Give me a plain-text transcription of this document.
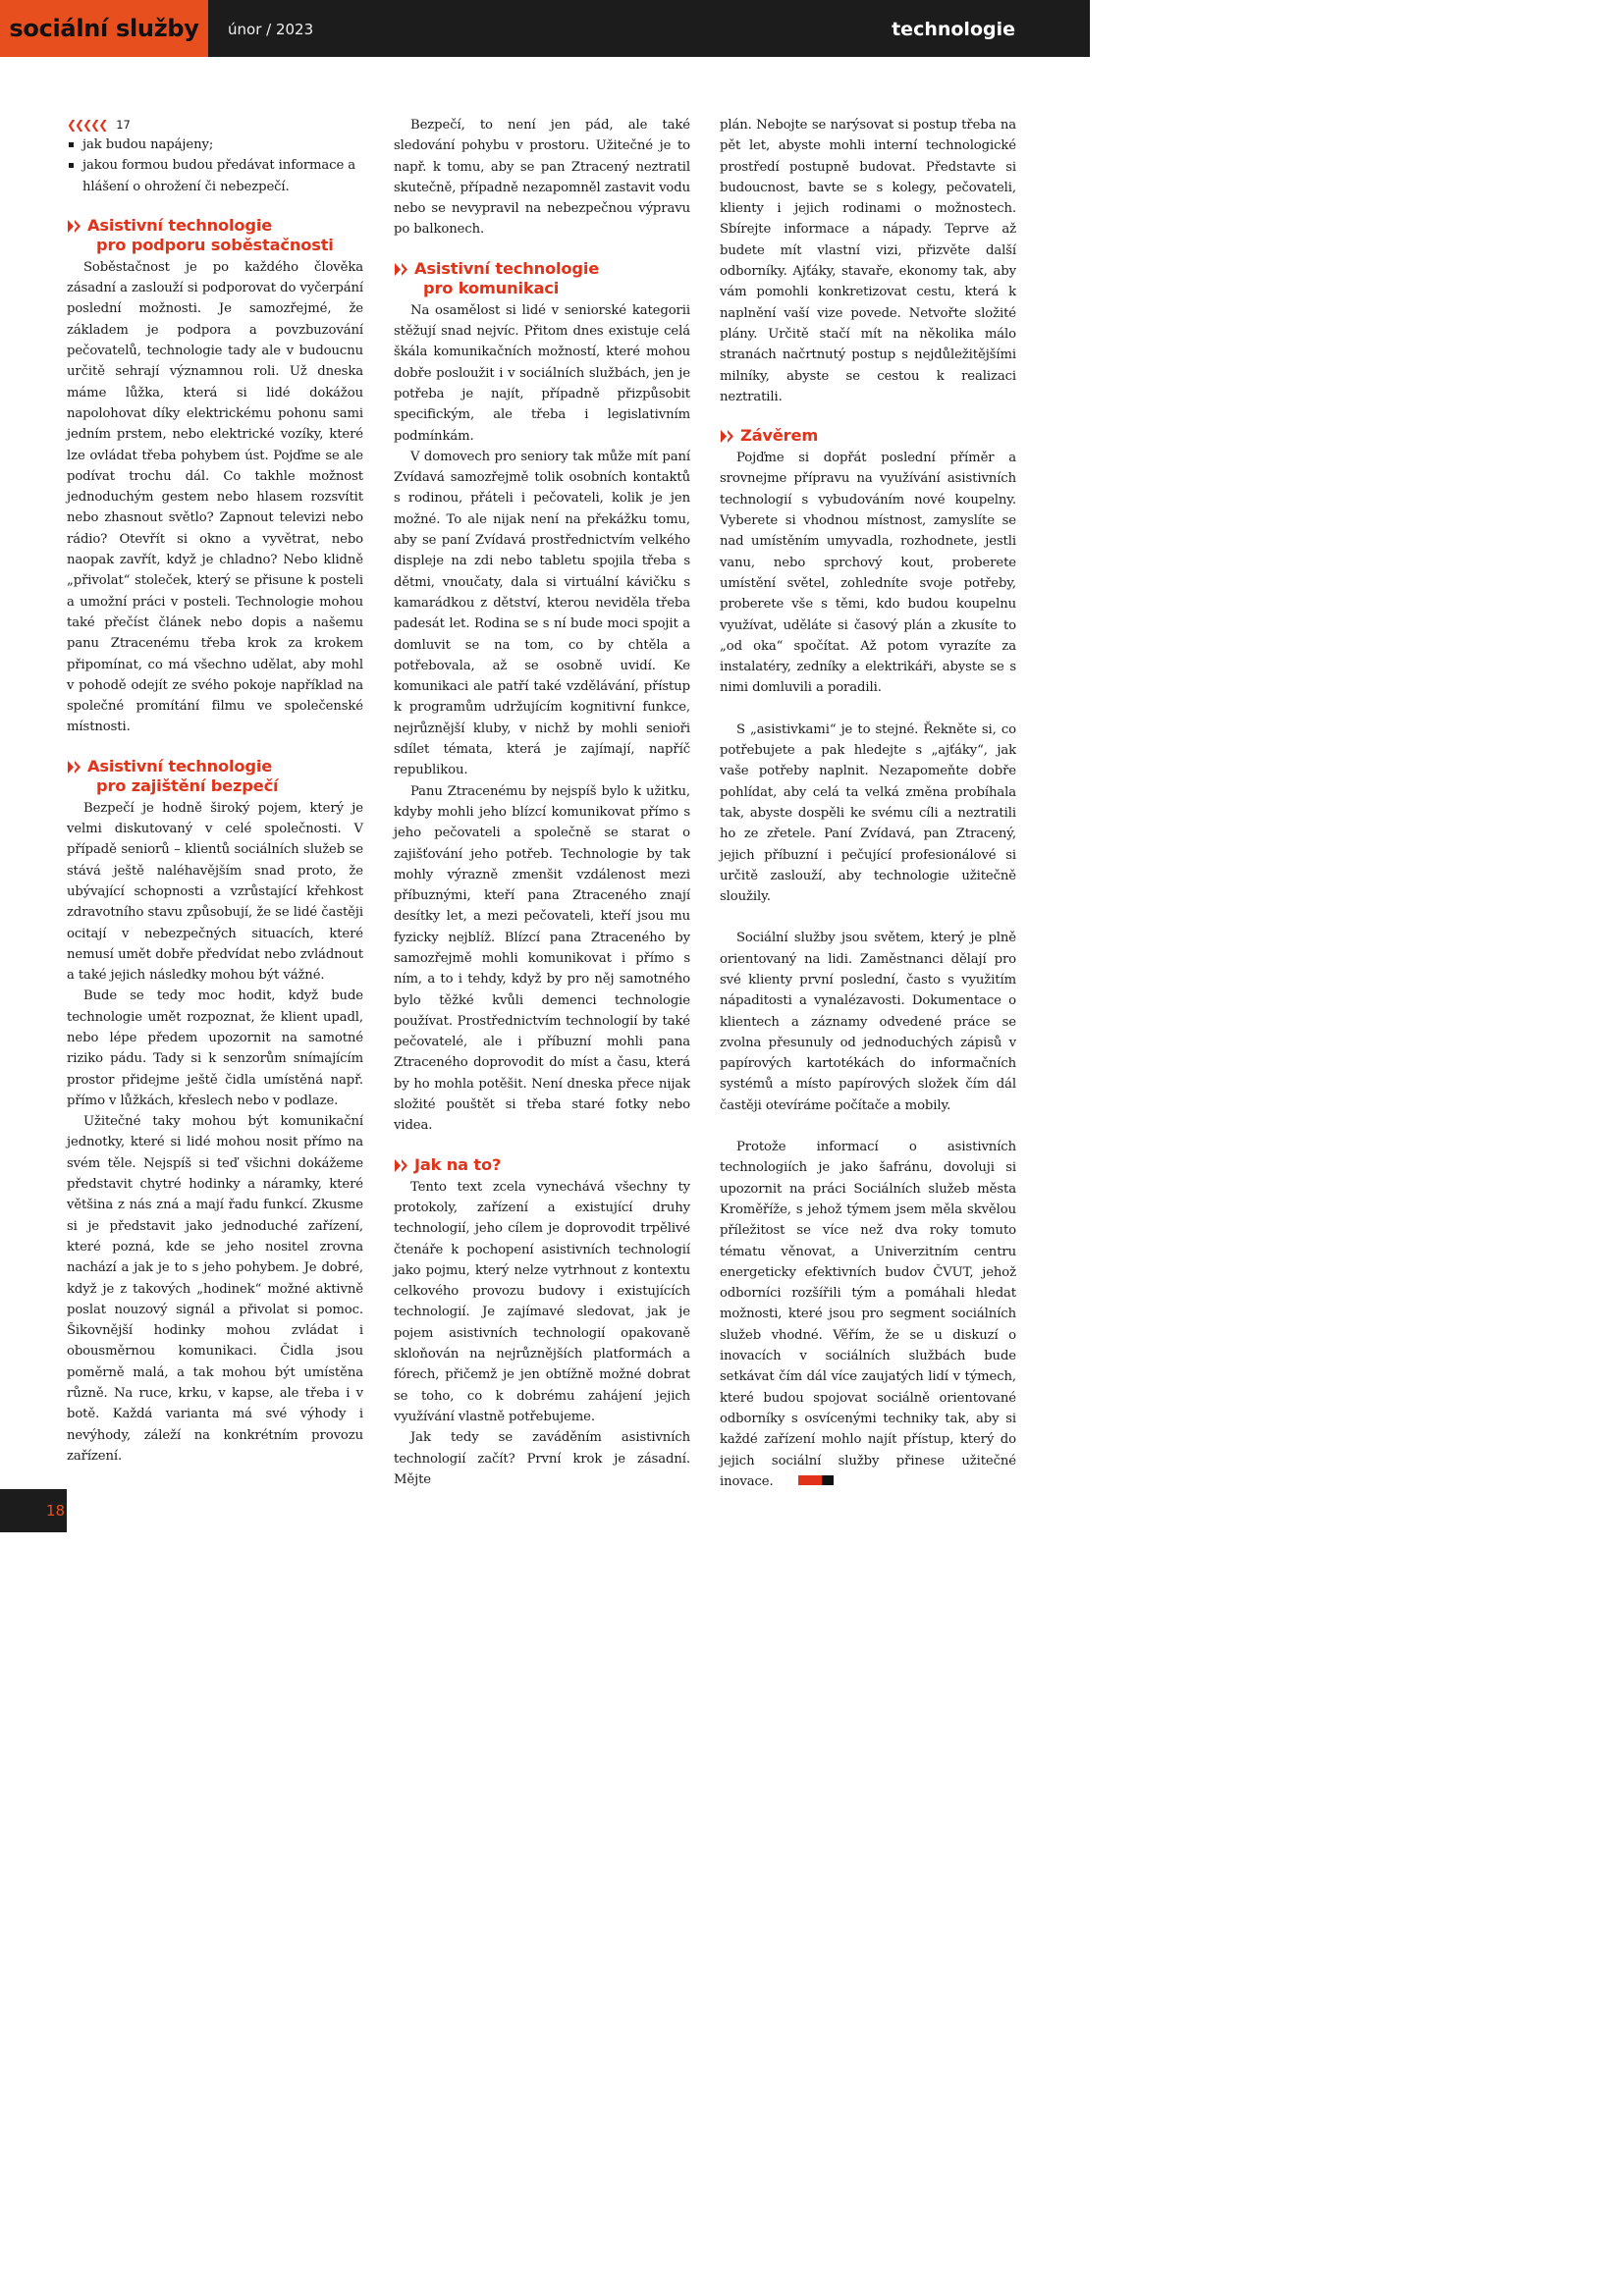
sociální služby	únor / 2023	technologie
❮❮❮❮❮ 17
jak budou napájeny;
jakou formou budou předávat informace a hlášení o ohrožení či nebezpečí.
Asistivní technologie
pro podporu soběstačnosti

Soběstačnost je po každého člověka zásadní a zaslouží si podporovat do vyčerpání poslední možnosti. Je samozřejmé, že základem je podpora a povzbuzování pečovatelů, technologie tady ale v budoucnu určitě sehrají významnou roli. Už dneska máme lůžka, která si lidé dokážou napolohovat díky elektrickému pohonu sami jedním prstem, nebo elektrické vozíky, které lze ovládat třeba pohybem úst. Pojďme se ale podívat trochu dál. Co takhle možnost jednoduchým gestem nebo hlasem rozsvítit nebo zhasnout světlo? Zapnout televizi nebo rádio? Otevřít si okno a vyvětrat, nebo naopak zavřít, když je chladno? Nebo klidně „přivolat“ stoleček, který se přisune k posteli a umožní práci v posteli. Technologie mohou také přečíst článek nebo dopis a našemu panu Ztracenému třeba krok za krokem připomínat, co má všechno udělat, aby mohl v pohodě odejít ze svého pokoje například na společné promítání filmu ve společenské místnosti.

Asistivní technologie
pro zajištění bezpečí

Bezpečí je hodně široký pojem, který je velmi diskutovaný v celé společnosti. V případě seniorů – klientů sociálních služeb se stává ještě naléhavějším snad proto, že ubývající schopnosti a vzrůstající křehkost zdravotního stavu způsobují, že se lidé častěji ocitají v nebezpečných situacích, které nemusí umět dobře předvídat nebo zvládnout a také jejich následky mohou být vážné.

Bude se tedy moc hodit, když bude technologie umět rozpoznat, že klient upadl, nebo lépe předem upozornit na samotné riziko pádu. Tady si k senzorům snímajícím prostor přidejme ještě čidla umístěná např. přímo v lůžkách, křeslech nebo v podlaze.

Užitečné taky mohou být komunikační jednotky, které si lidé mohou nosit přímo na svém těle. Nejspíš si teď všichni dokážeme představit chytré hodinky a náramky, které většina z nás zná a mají řadu funkcí. Zkusme si je představit jako jednoduché zařízení, které pozná, kde se jeho nositel zrovna nachází a jak je to s jeho pohybem. Je dobré, když je z takových „hodinek“ možné aktivně poslat nouzový signál a přivolat si pomoc. Šikovnější hodinky mohou zvládat i obousměrnou komunikaci. Čidla jsou poměrně malá, a tak mohou být umístěna různě. Na ruce, krku, v kapse, ale třeba i v botě. Každá varianta má své výhody i nevýhody, záleží na konkrétním provozu zařízení.

Bezpečí, to není jen pád, ale také sledování pohybu v prostoru. Užitečné je to např. k tomu, aby se pan Ztracený neztratil skutečně, případně nezapomněl zastavit vodu nebo se nevypravil na nebezpečnou výpravu po balkonech.

Asistivní technologie
pro komunikaci

Na osamělost si lidé v seniorské kategorii stěžují snad nejvíc. Přitom dnes existuje celá škála komunikačních možností, které mohou dobře posloužit i v sociálních službách, jen je potřeba je najít, případně přizpůsobit specifickým, ale třeba i legislativním podmínkám.

V domovech pro seniory tak může mít paní Zvídavá samozřejmě tolik osobních kontaktů s rodinou, přáteli i pečovateli, kolik je jen možné. To ale nijak není na překážku tomu, aby se paní Zvídavá prostřednictvím velkého displeje na zdi nebo tabletu spojila třeba s dětmi, vnoučaty, dala si virtuální kávičku s kamarádkou z dětství, kterou neviděla třeba padesát let. Rodina se s ní bude moci spojit a domluvit se na tom, co by chtěla a potřebovala, až se osobně uvidí. Ke komunikaci ale patří také vzdělávání, přístup k programům udržujícím kognitivní funkce, nejrůznější kluby, v nichž by mohli senioři sdílet témata, která je zajímají, napříč republikou.

Panu Ztracenému by nejspíš bylo k užitku, kdyby mohli jeho blízcí komunikovat přímo s jeho pečovateli a společně se starat o zajišťování jeho potřeb. Technologie by tak mohly výrazně zmenšit vzdálenost mezi příbuznými, kteří pana Ztraceného znají desítky let, a mezi pečovateli, kteří jsou mu fyzicky nejblíž. Blízcí pana Ztraceného by samozřejmě mohli komunikovat i přímo s ním, a to i tehdy, když by pro něj samotného bylo těžké kvůli demenci technologie používat. Prostřednictvím technologií by také pečovatelé, ale i příbuzní mohli pana Ztraceného doprovodit do míst a času, která by ho mohla potěšit. Není dneska přece nijak složité pouštět si třeba staré fotky nebo videa.

Jak na to?

Tento text zcela vynechává všechny ty protokoly, zařízení a existující druhy technologií, jeho cílem je doprovodit trpělivé čtenáře k pochopení asistivních technologií jako pojmu, který nelze vytrhnout z kontextu celkového provozu budovy i existujících technologií. Je zajímavé sledovat, jak je pojem asistivních technologií opakovaně skloňován na nejrůznějších platformách a fórech, přičemž je jen obtížně možné dobrat se toho, co k dobrému zahájení jejich využívání vlastně potřebujeme.

Jak tedy se zaváděním asistivních technologií začít? První krok je zásadní. Mějte

plán. Nebojte se narýsovat si postup třeba na pět let, abyste mohli interní technologické prostředí postupně budovat. Představte si budoucnost, bavte se s kolegy, pečovateli, klienty i jejich rodinami o možnostech. Sbírejte informace a nápady. Teprve až budete mít vlastní vizi, přizvěte další odborníky. Ajťáky, stavaře, ekonomy tak, aby vám pomohli konkretizovat cestu, která k naplnění vaší vize povede. Netvořte složité plány. Určitě stačí mít na několika málo stranách načrtnutý postup s nejdůležitějšími milníky, abyste se cestou k realizaci neztratili.

Závěrem

Pojďme si dopřát poslední příměr a srovnejme přípravu na využívání asistivních technologií s vybudováním nové koupelny. Vyberete si vhodnou místnost, zamyslíte se nad umístěním umyvadla, rozhodnete, jestli vanu, nebo sprchový kout, proberete umístění světel, zohledníte svoje potřeby, proberete vše s těmi, kdo budou koupelnu využívat, uděláte si časový plán a zkusíte to „od oka“ spočítat. Až potom vyrazíte za instalatéry, zedníky a elektrikáři, abyste se s nimi domluvili a poradili.

S „asistivkami“ je to stejné. Řekněte si, co potřebujete a pak hledejte s „ajťáky“, jak vaše potřeby naplnit. Nezapomeňte dobře pohlídat, aby celá ta velká změna probíhala tak, abyste dospěli ke svému cíli a neztratili ho ze zřetele. Paní Zvídavá, pan Ztracený, jejich příbuzní i pečující profesionálové si určitě zaslouží, aby technologie užitečně sloužily.

Sociální služby jsou světem, který je plně orientovaný na lidi. Zaměstnanci dělají pro své klienty první poslední, často s využitím nápaditosti a vynalézavosti. Dokumentace o klientech a záznamy odvedené práce se zvolna přesunuly od jednoduchých zápisů v papírových kartotékách do informačních systémů a místo papírových složek čím dál častěji otevíráme počítače a mobily.

Protože informací o asistivních technologiích je jako šafránu, dovoluji si upozornit na práci Sociálních služeb města Kroměříže, s jehož týmem jsem měla skvělou příležitost se více než dva roky tomuto tématu věnovat, a Univerzitním centru energeticky efektivních budov ČVUT, jehož odborníci rozšířili tým a pomáhali hledat možnosti, které jsou pro segment sociálních služeb vhodné. Věřím, že se u diskuzí o inovacích v sociálních službách bude setkávat čím dál více zaujatých lidí v týmech, které budou spojovat sociálně orientované odborníky s osvícenými techniky tak, aby si každé zařízení mohlo najít přístup, který do jejich sociální služby přinese užitečné inovace.

18
